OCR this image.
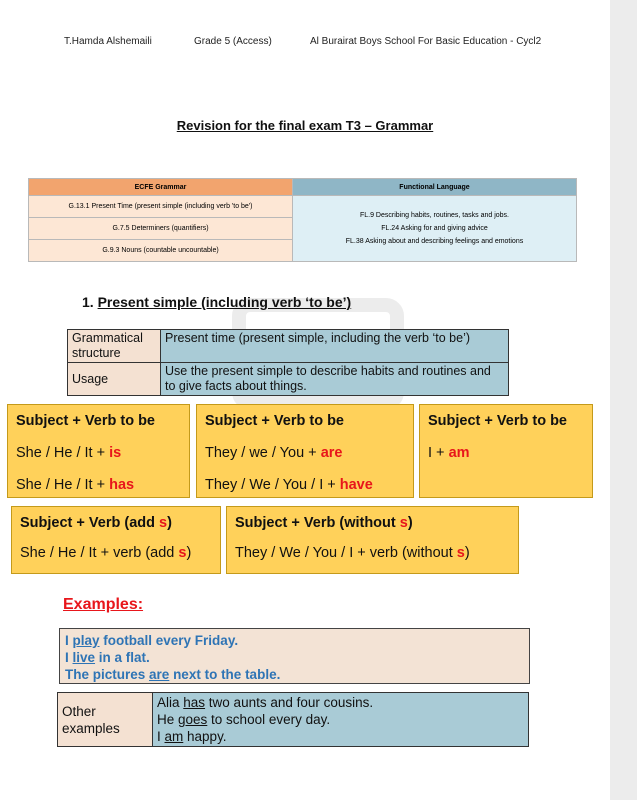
T.Hamda Alshemaili	Grade 5 (Access)	Al Burairat Boys School For Basic Education - Cycl2
Revision for the final exam T3 – Grammar
ECFE Grammar	Functional Language
G.13.1 Present Time (present simple (including verb 'to be')	FL.9 Describing habits, routines, tasks and jobs.
FL.24 Asking for and giving advice
FL.38 Asking about and describing feelings and emotions

G.7.5 Determiners (quantifiers)	
G.9.3 Nouns (countable uncountable)	
1. Present simple (including verb ‘to be’)
Grammatical structure	Present time (present simple, including the verb ‘to be’)
Usage	Use the present simple to describe habits and routines and to give facts about things.
Subject + Verb to be
She / He / It + is
She / He / It + has
Subject + Verb to be
They / we / You + are
They / We / You / I + have
Subject + Verb to be
I + am
Subject + Verb (add s)
She / He / It + verb (add s)
Subject + Verb (without s)
They / We / You / I + verb (without s)
Examples:
I play football every Friday.
I live in a flat.
The pictures are next to the table.
Other examples	
Alia has two aunts and four cousins.
He goes to school every day.
I am happy.
